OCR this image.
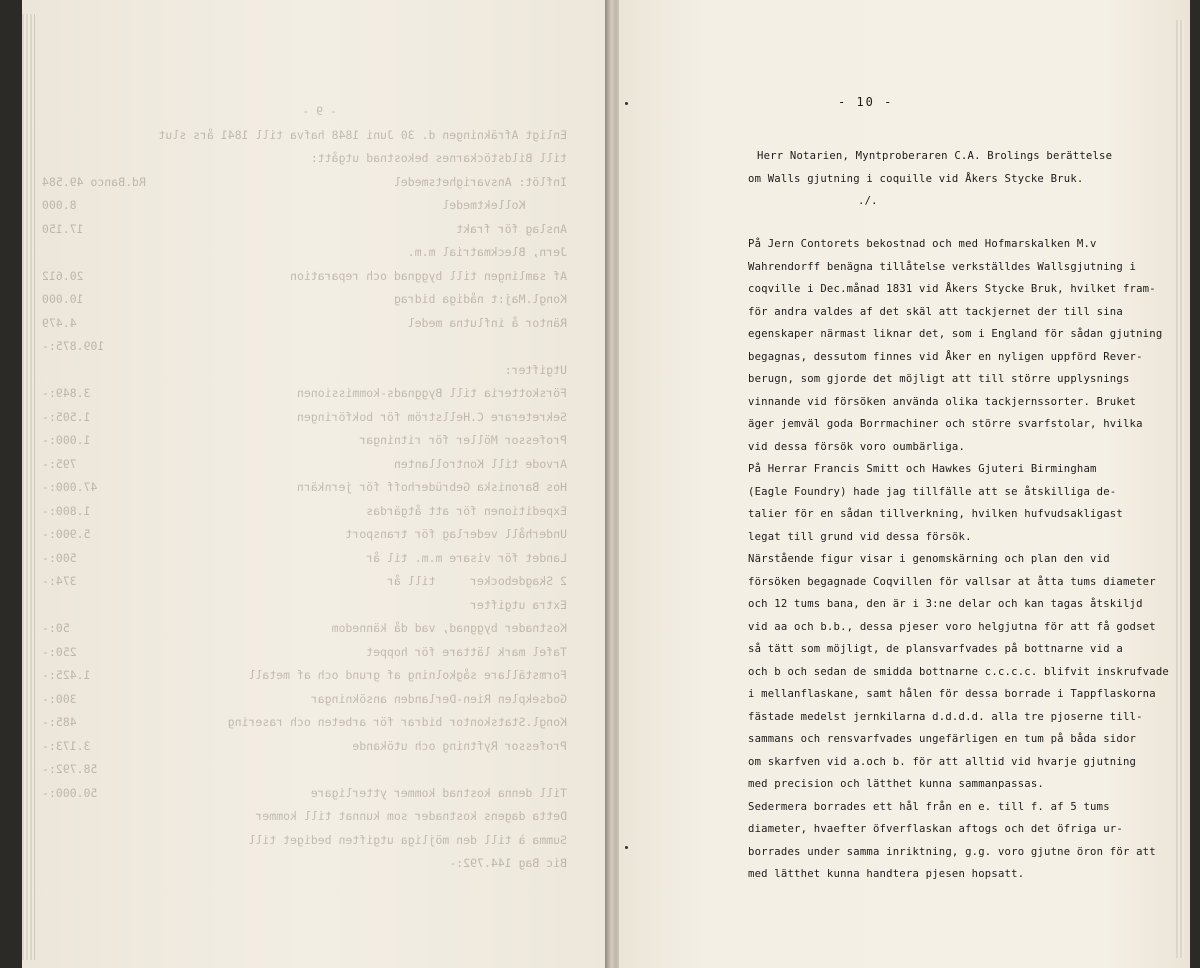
- 9 -
Enligt Afräkningen d. 30 Juni 1848 hafva till 1841 års slut
till Bildstöckarnes bekostnad utgått:
Inflöt: Ansvarighetsmedel
Rd.Banco 49.584
Kollektmedel
8.000
Anslag för frakt
17.150
Jern, Bleckmatrial m.m.
Af samlingen till byggnad och reparation
20.612
Kongl.Maj:t nådiga bidrag
10.000
Räntor å influtna medel
4.479
109.875:-
Utgifter:
Förskotteria till Byggnads-kommissionen
3.849:-
Sekreterare C.Hellström för bokföringen
1.505:-
Professor Möller för ritningar
1.000:-
Arvode till Kontrollanten
795:-
Hos Baroniska Gebrüderhoff för jernkärn
47.000:-
Expeditionen för att åtgärdas
1.800:-
Underhåll vederlag för transport
5.900:-
Landet för visare m.m. til år
500:-
2 Skagdebocker     till år
374:-
Extra utgifter
Kostnader byggnad, vad då kännedom
50:-
Tafel mark lättare för hoppet
250:-
Formställare sågkolning af grund och af metall
1.425:-
Godsekplen Rien-Derlanden ansökningar
300:-
Kongl.Statskontor bidrar för arbeten och rasering
485:-
Professor Ryftning och utökande
3.173:-
58.792:-
Till denna kostnad kommer ytterligare
50.000:-
Detta dagens kostnader som kunnat till kommer
Summa à till den möjliga utgiften bediget till
Bic Bag 144.792:-
- 10 -
Herr Notarien, Myntproberaren C.A. Brolings berättelse
om Walls gjutning i coquille vid Åkers Stycke Bruk.
./.
På Jern Contorets bekostnad och med Hofmarskalken M.v
Wahrendorff benägna tillåtelse verkställdes Wallsgjutning i
coqville i Dec.månad 1831 vid Åkers Stycke Bruk, hvilket fram-
för andra valdes af det skäl att tackjernet der till sina
egenskaper närmast liknar det, som i England för sådan gjutning
begagnas, dessutom finnes vid Åker en nyligen uppförd Rever-
berugn, som gjorde det möjligt att till större upplysnings
vinnande vid försöken använda olika tackjernssorter. Bruket
äger jemväl goda Borrmachiner och större svarfstolar, hvilka
vid dessa försök voro oumbärliga.
På Herrar Francis Smitt och Hawkes Gjuteri Birmingham
(Eagle Foundry) hade jag tillfälle att se åtskilliga de-
talier för en sådan tillverkning, hvilken hufvudsakligast
legat till grund vid dessa försök.
Närstående figur visar i genomskärning och plan den vid
försöken begagnade Coqvillen för vallsar at åtta tums diameter
och 12 tums bana, den är i 3:ne delar och kan tagas åtskiljd
vid aa och b.b., dessa pjeser voro helgjutna för att få godset
så tätt som möjligt, de plansvarfvades på bottnarne vid a
och b och sedan de smidda bottnarne c.c.c.c. blifvit inskrufvade
i mellanflaskane, samt hålen för dessa borrade i Tappflaskorna
fästade medelst jernkilarna d.d.d.d. alla tre pjoserne till-
sammans och rensvarfvades ungefärligen en tum på båda sidor
om skarfven vid a.och b. för att alltid vid hvarje gjutning
med precision och lätthet kunna sammanpassas.
Sedermera borrades ett hål från en e. till f. af 5 tums
diameter, hvaefter öfverflaskan aftogs och det öfriga ur-
borrades under samma inriktning, g.g. voro gjutne öron för att
med lätthet kunna handtera pjesen hopsatt.
